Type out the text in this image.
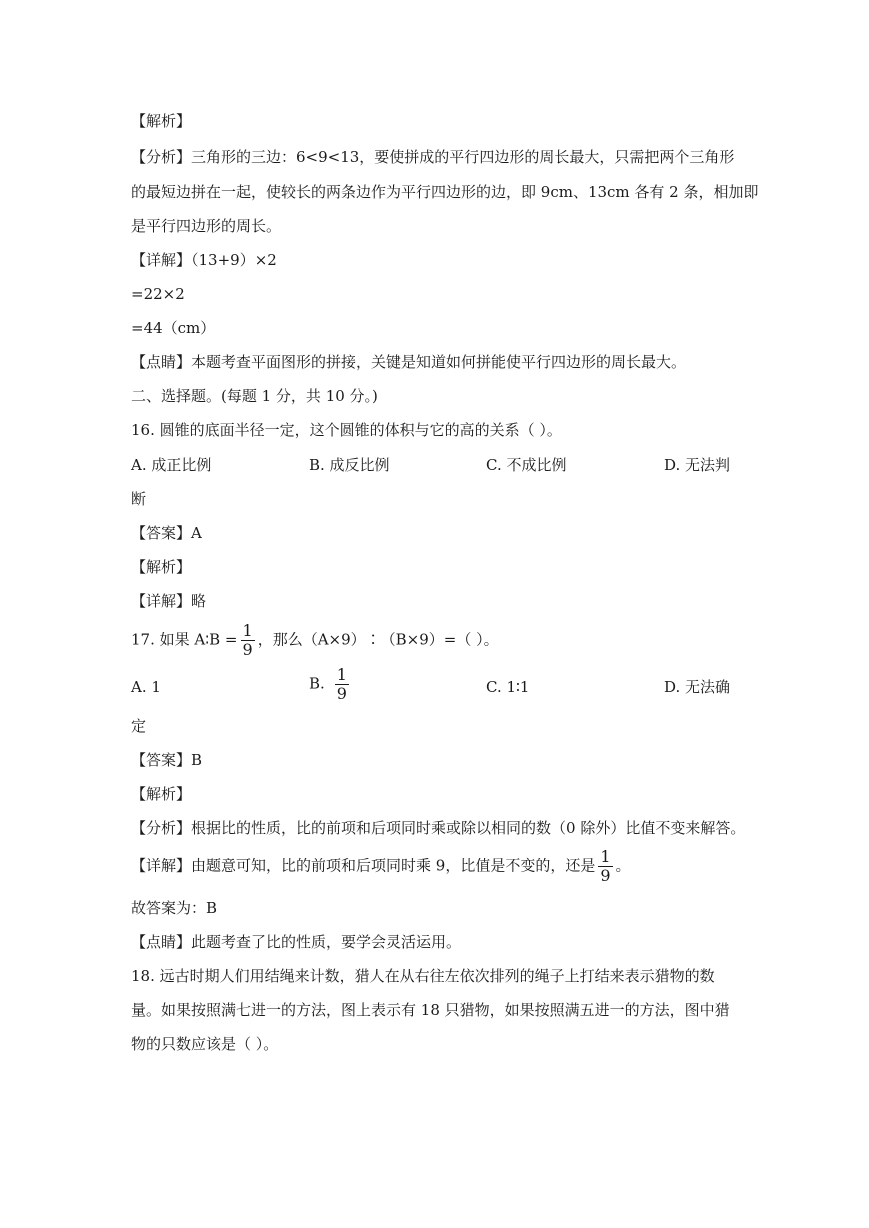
【解析】
【分析】三角形的三边：6<9<13，要使拼成的平行四边形的周长最大，只需把两个三角形
的最短边拼在一起，使较长的两条边作为平行四边形的边，即 9cm、13cm 各有 2 条，相加即
是平行四边形的周长。
【详解】（13+9）×2
=22×2
=44（cm）
【点睛】本题考查平面图形的拼接，关键是知道如何拼能使平行四边形的周长最大。
二、选择题。(每题 1 分，共 10 分。)
16. 圆锥的底面半径一定，这个圆锥的体积与它的高的关系（ ）。
A. 成正比例	B. 成反比例	C. 不成比例	D. 无法判
断
【答案】A
【解析】
【详解】略
17. 如果 A∶B = $\frac{1}{9}$ ，那么（A×9）∶（B×9）=（ ）。
A. 1	B. $\frac{1}{9}$	C. 1∶1	D. 无法确
定
【答案】B
【解析】
【分析】根据比的性质，比的前项和后项同时乘或除以相同的数（0 除外）比值不变来解答。
【详解】由题意可知，比的前项和后项同时乘 9，比值是不变的，还是 $\frac{1}{9}$ 。
故答案为：B
【点睛】此题考查了比的性质，要学会灵活运用。
18. 远古时期人们用结绳来计数，猎人在从右往左依次排列的绳子上打结来表示猎物的数
量。如果按照满七进一的方法，图上表示有 18 只猎物，如果按照满五进一的方法，图中猎
物的只数应该是（ ）。
